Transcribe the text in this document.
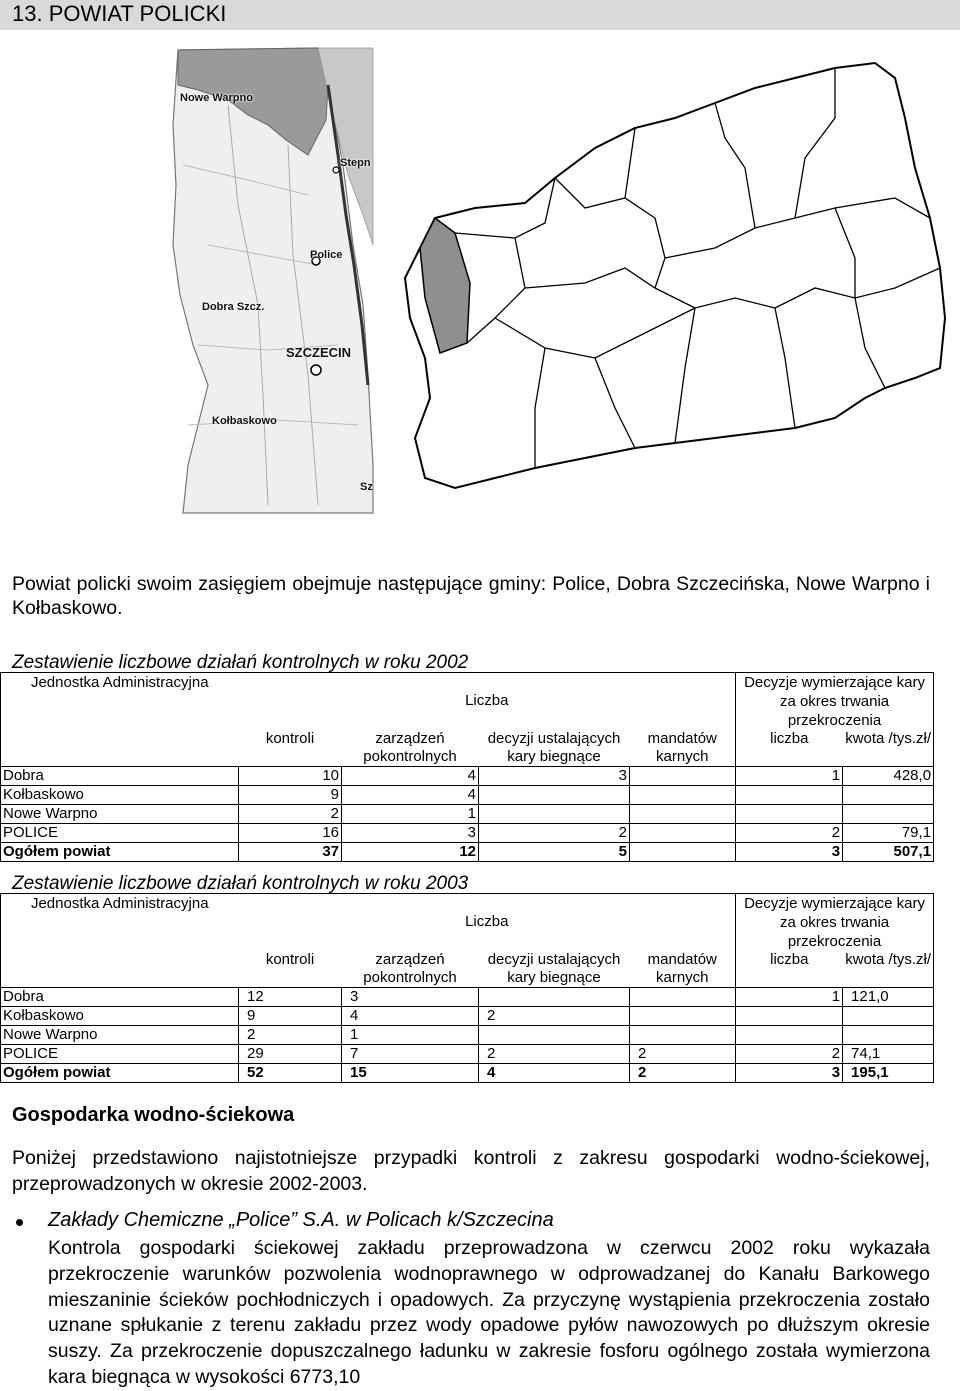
13. POWIAT POLICKI
Nowe Warpno
Stepn
Police
Dobra Szcz.
SZCZECIN
Kołbaskowo
Sz
Powiat policki swoim zasięgiem obejmuje następujące gminy: Police, Dobra Szczecińska, Nowe Warpno i Kołbaskowo.
Zestawienie liczbowe działań kontrolnych w roku 2002
Jednostka Administracyjna	Liczba				Decyzje wymierzające kary za okres trwania przekroczenia	
	kontroli	zarządzeń pokontrolnych	decyzji ustalających kary biegnące	mandatów karnych	liczba	kwota /tys.zł/
Dobra	10	4	3		1	428,0
Kołbaskowo	9	4				
Nowe Warpno	2	1				
POLICE	16	3	2		2	79,1
Ogółem powiat	37	12	5		3	507,1
Zestawienie liczbowe działań kontrolnych w roku 2003
Jednostka Administracyjna	Liczba				Decyzje wymierzające kary za okres trwania przekroczenia	
	kontroli	zarządzeń pokontrolnych	decyzji ustalających kary biegnące	mandatów karnych	liczba	kwota /tys.zł/
Dobra	12	3			1	121,0
Kołbaskowo	9	4	2			
Nowe Warpno	2	1				
POLICE	29	7	2	2	2	74,1
Ogółem powiat	52	15	4	2	3	195,1
Gospodarka wodno-ściekowa
Poniżej przedstawiono najistotniejsze przypadki kontroli z zakresu gospodarki wodno-ściekowej, przeprowadzonych w okresie 2002-2003.
Zakłady Chemiczne „Police” S.A. w Policach k/Szczecina
Kontrola gospodarki ściekowej zakładu przeprowadzona w czerwcu 2002 roku wykazała przekroczenie warunków pozwolenia wodnoprawnego w odprowadzanej do Kanału Barkowego mieszaninie ścieków pochłodniczych i opadowych. Za przyczynę wystąpienia przekroczenia zostało uznane spłukanie z terenu zakładu przez wody opadowe pyłów nawozowych po dłuższym okresie suszy. Za przekroczenie dopuszczalnego ładunku w zakresie fosforu ogólnego została wymierzona kara biegnąca w wysokości 6773,10
